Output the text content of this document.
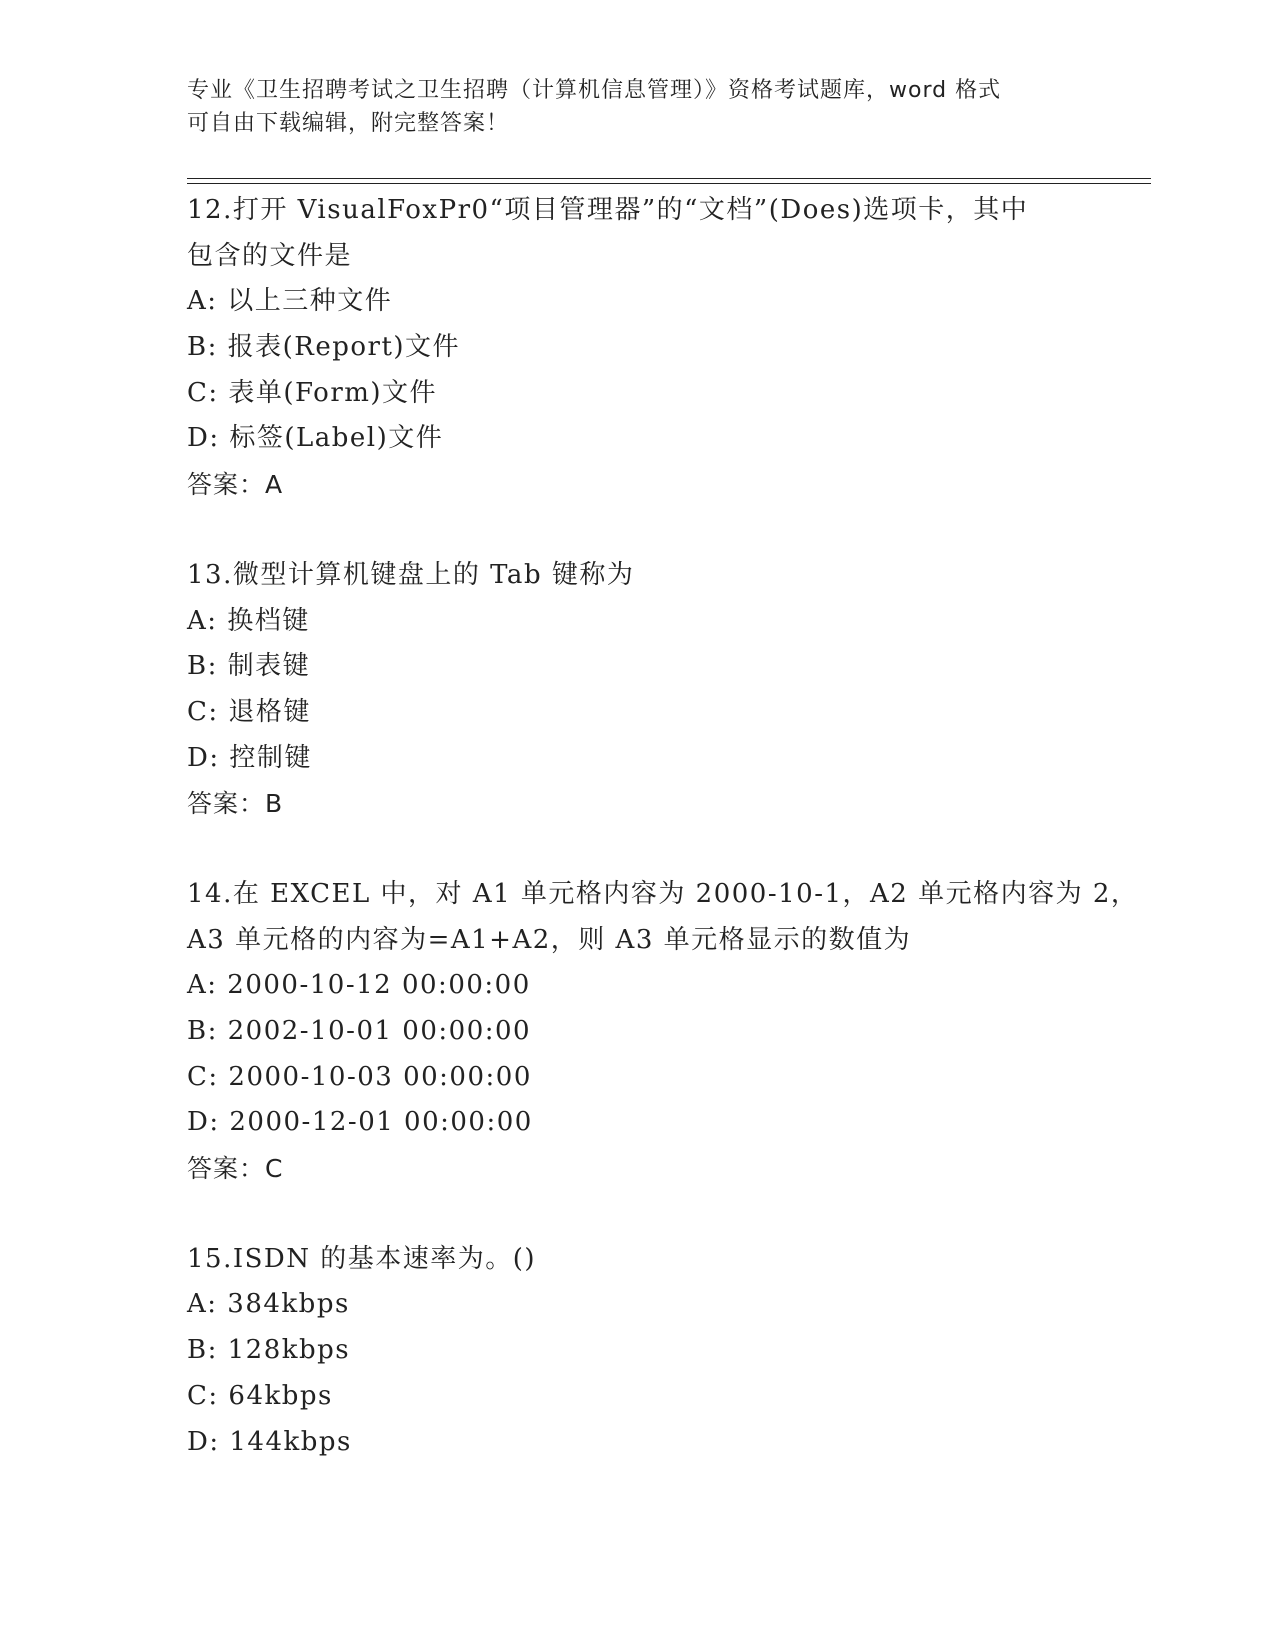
专业《卫生招聘考试之卫生招聘（计算机信息管理）》资格考试题库，word 格式
可自由下载编辑，附完整答案！
12.打开 VisualFoxPr0“项目管理器”的“文档”(Does)选项卡，其中
包含的文件是
A: 以上三种文件
B: 报表(Report)文件
C: 表单(Form)文件
D: 标签(Label)文件
答案：A
13.微型计算机键盘上的 Tab 键称为
A: 换档键
B: 制表键
C: 退格键
D: 控制键
答案：B
14.在 EXCEL 中，对 A1 单元格内容为 2000-10-1，A2 单元格内容为 2，
A3 单元格的内容为=A1+A2，则 A3 单元格显示的数值为
A: 2000-10-12 00:00:00
B: 2002-10-01 00:00:00
C: 2000-10-03 00:00:00
D: 2000-12-01 00:00:00
答案：C
15.ISDN 的基本速率为。()
A: 384kbps
B: 128kbps
C: 64kbps
D: 144kbps
